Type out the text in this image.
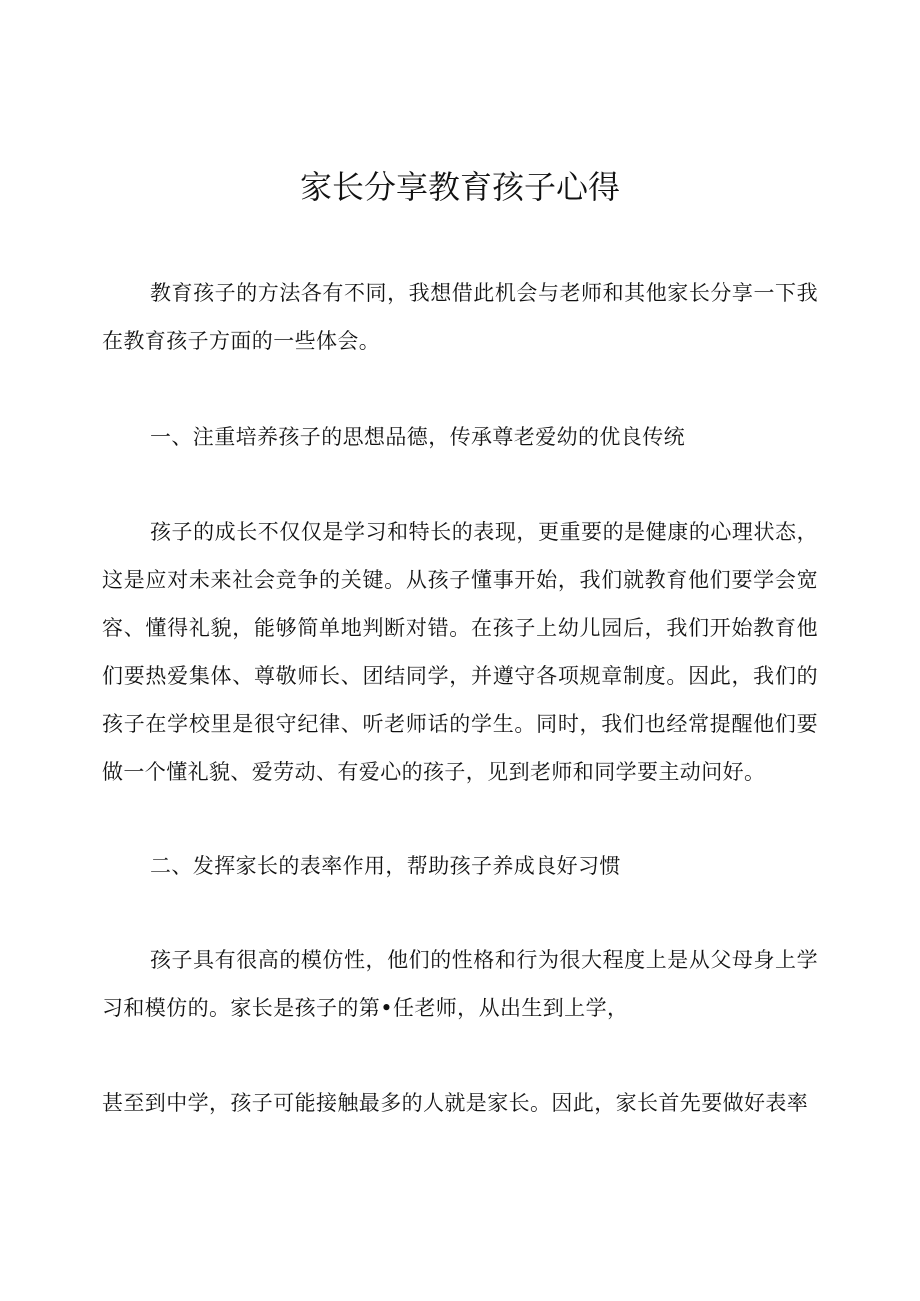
家长分享教育孩子心得

教育孩子的方法各有不同，我想借此机会与老师和其他家长分享一下我在教育孩子方面的一些体会。

一、注重培养孩子的思想品德，传承尊老爱幼的优良传统

孩子的成长不仅仅是学习和特长的表现，更重要的是健康的心理状态，这是应对未来社会竞争的关键。从孩子懂事开始，我们就教育他们要学会宽容、懂得礼貌，能够简单地判断对错。在孩子上幼儿园后，我们开始教育他们要热爱集体、尊敬师长、团结同学，并遵守各项规章制度。因此，我们的孩子在学校里是很守纪律、听老师话的学生。同时，我们也经常提醒他们要做一个懂礼貌、爱劳动、有爱心的孩子，见到老师和同学要主动问好。

二、发挥家长的表率作用，帮助孩子养成良好习惯

孩子具有很高的模仿性，他们的性格和行为很大程度上是从父母身上学习和模仿的。家长是孩子的第•任老师，从出生到上学，

甚至到中学，孩子可能接触最多的人就是家长。因此，家长首先要做好表率
